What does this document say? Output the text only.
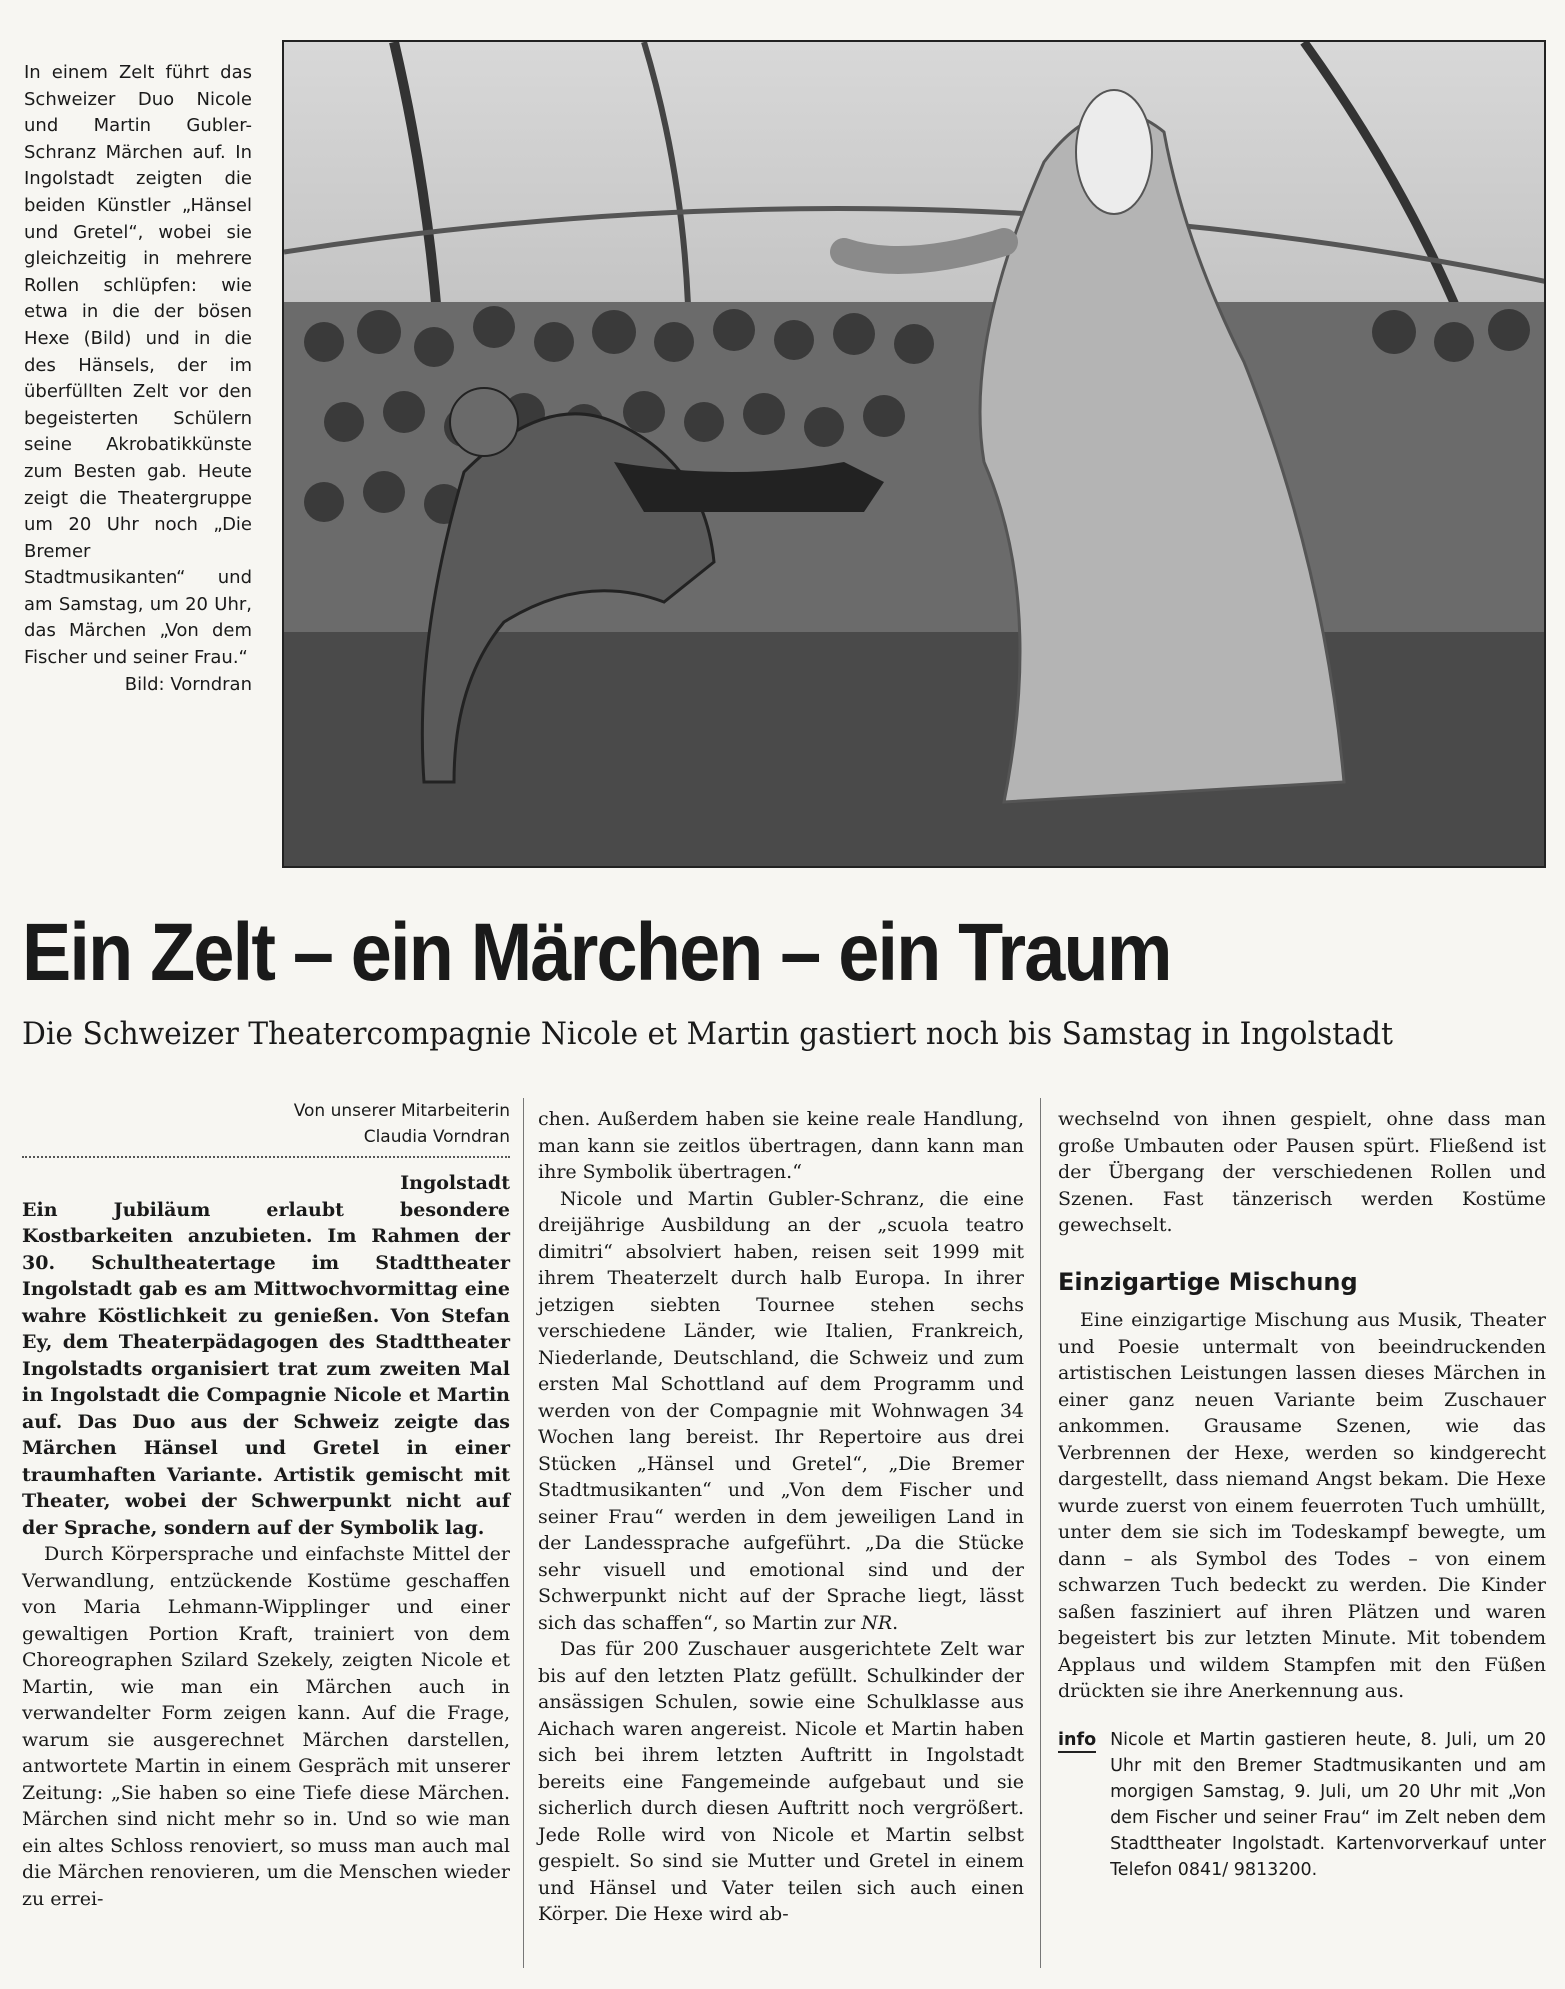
In einem Zelt führt das Schweizer Duo Nicole und Martin Gubler-Schranz Märchen auf. In Ingolstadt zeigten die beiden Künstler „Hänsel und Gretel“, wobei sie gleichzeitig in mehrere Rollen schlüpfen: wie etwa in die der bösen Hexe (Bild) und in die des Hänsels, der im überfüllten Zelt vor den begeisterten Schülern seine Akrobatikkünste zum Besten gab. Heute zeigt die Theatergruppe um 20 Uhr noch „Die Bremer Stadtmusikanten“ und am Samstag, um 20 Uhr, das Märchen „Von dem Fischer und seiner Frau.“
Bild: Vorndran
Ein Zelt – ein Märchen – ein Traum
Die Schweizer Theatercompagnie Nicole et Martin gastiert noch bis Samstag in Ingolstadt
Von unserer Mitarbeiterin
Claudia Vorndran

Ingolstadt

Ein Jubiläum erlaubt besondere Kostbarkeiten anzubieten. Im Rahmen der 30. Schultheatertage im Stadttheater Ingolstadt gab es am Mittwochvormittag eine wahre Köstlichkeit zu genießen. Von Stefan Ey, dem Theaterpädagogen des Stadttheater Ingolstadts organisiert trat zum zweiten Mal in Ingolstadt die Compagnie Nicole et Martin auf. Das Duo aus der Schweiz zeigte das Märchen Hänsel und Gretel in einer traumhaften Variante. Artistik gemischt mit Theater, wobei der Schwerpunkt nicht auf der Sprache, sondern auf der Symbolik lag.

Durch Körpersprache und einfachste Mittel der Verwandlung, entzückende Kostüme geschaffen von Maria Lehmann-Wipplinger und einer gewaltigen Portion Kraft, trainiert von dem Choreographen Szilard Szekely, zeigten Nicole et Martin, wie man ein Märchen auch in verwandelter Form zeigen kann. Auf die Frage, warum sie ausgerechnet Märchen darstellen, antwortete Martin in einem Gespräch mit unserer Zeitung: „Sie haben so eine Tiefe diese Märchen. Märchen sind nicht mehr so in. Und so wie man ein altes Schloss renoviert, so muss man auch mal die Märchen renovieren, um die Menschen wieder zu errei-

chen. Außerdem haben sie keine reale Handlung, man kann sie zeitlos übertragen, dann kann man ihre Symbolik übertragen.“

Nicole und Martin Gubler-Schranz, die eine dreijährige Ausbildung an der „scuola teatro dimitri“ absolviert haben, reisen seit 1999 mit ihrem Theaterzelt durch halb Europa. In ihrer jetzigen siebten Tournee stehen sechs verschiedene Länder, wie Italien, Frankreich, Niederlande, Deutschland, die Schweiz und zum ersten Mal Schottland auf dem Programm und werden von der Compagnie mit Wohnwagen 34 Wochen lang bereist. Ihr Repertoire aus drei Stücken „Hänsel und Gretel“, „Die Bremer Stadtmusikanten“ und „Von dem Fischer und seiner Frau“ werden in dem jeweiligen Land in der Landessprache aufgeführt. „Da die Stücke sehr visuell und emotional sind und der Schwerpunkt nicht auf der Sprache liegt, lässt sich das schaffen“, so Martin zur NR.

Das für 200 Zuschauer ausgerichtete Zelt war bis auf den letzten Platz gefüllt. Schulkinder der ansässigen Schulen, sowie eine Schulklasse aus Aichach waren angereist. Nicole et Martin haben sich bei ihrem letzten Auftritt in Ingolstadt bereits eine Fangemeinde aufgebaut und sie sicherlich durch diesen Auftritt noch vergrößert. Jede Rolle wird von Nicole et Martin selbst gespielt. So sind sie Mutter und Gretel in einem und Hänsel und Vater teilen sich auch einen Körper. Die Hexe wird ab-

wechselnd von ihnen gespielt, ohne dass man große Umbauten oder Pausen spürt. Fließend ist der Übergang der verschiedenen Rollen und Szenen. Fast tänzerisch werden Kostüme gewechselt.

Einzigartige Mischung

Eine einzigartige Mischung aus Musik, Theater und Poesie untermalt von beeindruckenden artistischen Leistungen lassen dieses Märchen in einer ganz neuen Variante beim Zuschauer ankommen. Grausame Szenen, wie das Verbrennen der Hexe, werden so kindgerecht dargestellt, dass niemand Angst bekam. Die Hexe wurde zuerst von einem feuerroten Tuch umhüllt, unter dem sie sich im Todeskampf bewegte, um dann – als Symbol des Todes – von einem schwarzen Tuch bedeckt zu werden. Die Kinder saßen fasziniert auf ihren Plätzen und waren begeistert bis zur letzten Minute. Mit tobendem Applaus und wildem Stampfen mit den Füßen drückten sie ihre Anerkennung aus.

info Nicole et Martin gastieren heute, 8. Juli, um 20 Uhr mit den Bremer Stadtmusikanten und am morgigen Samstag, 9. Juli, um 20 Uhr mit „Von dem Fischer und seiner Frau“ im Zelt neben dem Stadttheater Ingolstadt. Kartenvorverkauf unter Telefon 0841/ 9813200.
